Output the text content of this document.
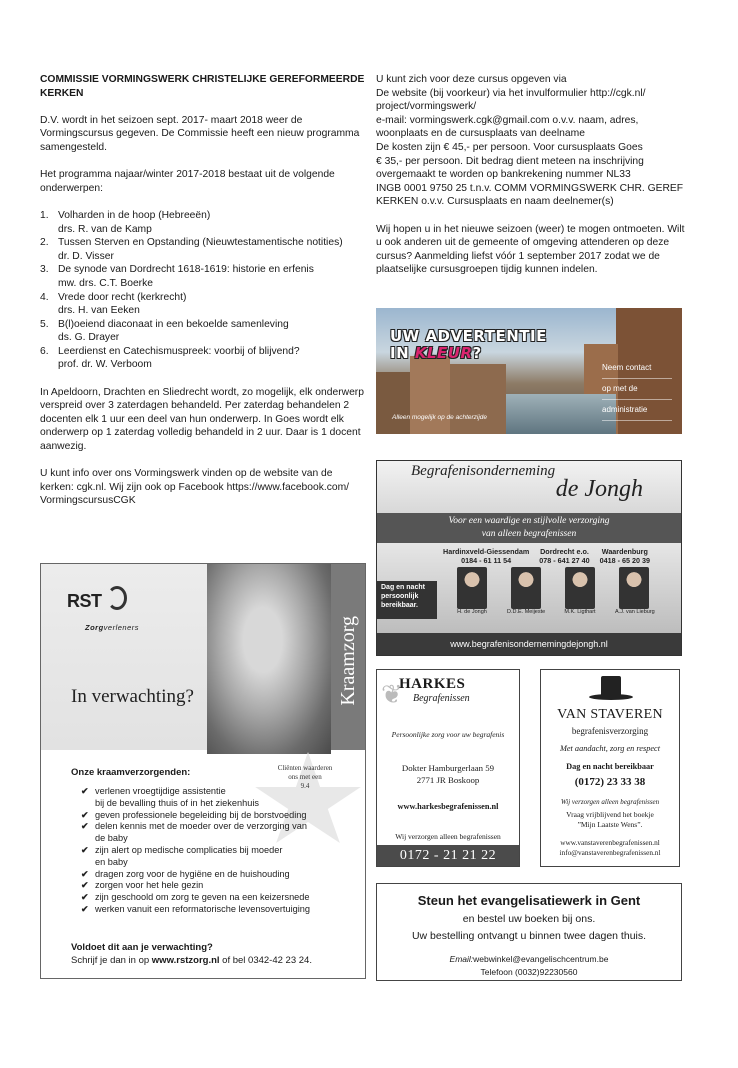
COMMISSIE VORMINGSWERK CHRISTELIJKE GEREFORMEERDE KERKEN
D.V. wordt in het seizoen sept. 2017- maart 2018 weer de Vormingscursus gegeven. De Commissie heeft een nieuw programma samengesteld.
Het programma najaar/winter 2017-2018 bestaat uit de volgende onderwerpen:
1. Volharden in de hoop (Hebreeën)
drs. R. van de Kamp
2. Tussen Sterven en Opstanding (Nieuwtestamentische notities)
dr. D. Visser
3. De synode van Dordrecht 1618-1619: historie en erfenis
mw. drs. C.T. Boerke
4. Vrede door recht (kerkrecht)
drs. H. van Eeken
5. B(l)oeiend diaconaat in een bekoelde samenleving
ds. G. Drayer
6. Leerdienst en Catechismuspreek: voorbij of blijvend?
prof. dr. W. Verboom
In Apeldoorn, Drachten en Sliedrecht wordt, zo mogelijk, elk onderwerp verspreid over 3 zaterdagen behandeld. Per zaterdag behandelen 2 docenten elk 1 uur een deel van hun onderwerp. In Goes wordt elk onderwerp op 1 zaterdag volledig behandeld in 2 uur. Daar is 1 docent aanwezig.
U kunt info over ons Vormingswerk vinden op de website van de kerken: cgk.nl. Wij zijn ook op Facebook https://www.facebook.com/
VormingscursusCGK
U kunt zich voor deze cursus opgeven via
De website (bij voorkeur) via het invulformulier http://cgk.nl/
project/vormingswerk/
e-mail: vormingswerk.cgk@gmail.com o.v.v. naam, adres, woonplaats en de cursusplaats van deelname
De kosten zijn € 45,- per persoon. Voor cursusplaats Goes
€ 35,- per persoon. Dit bedrag dient meteen na inschrijving overgemaakt te worden op bankrekening nummer NL33
INGB 0001 9750 25 t.n.v. COMM VORMINGSWERK CHR. GEREF
KERKEN o.v.v. Cursusplaats en naam deelnemer(s)
Wij hopen u in het nieuwe seizoen (weer) te mogen ontmoeten. Wilt u ook anderen uit de gemeente of omgeving attenderen op deze cursus? Aanmelding liefst vóór 1 september 2017 zodat we de plaatselijke cursusgroepen tijdig kunnen indelen.
UW ADVERTENTIE
IN KLEUR?
Neem contact
op met de
administratie
Alleen mogelijk op de achterzijde
Begrafenisonderneming
de Jongh
Voor een waardige en stijlvolle verzorging
van alleen begrafenissen
Hardinxveld-Giessendam
0184 - 61 11 54
Dordrecht e.o.
078 - 641 27 40
Waardenburg
0418 - 65 20 39
Dag en nacht
persoonlijk
bereikbaar.
H. de Jongh	D.D.E. Meijeste	M.K. Ligthart	A.J. van Lieburg
www.begrafenisondernemingdejongh.nl
RST
Zorgverleners	Kraamzorg
In verwachting?
Cliënten waarderen
ons met een
9.4
Onze kraamverzorgenden:
✔ verlenen vroegtijdige assistentie
bij de bevalling thuis of in het ziekenhuis
✔ geven professionele begeleiding bij de borstvoeding
✔ delen kennis met de moeder over de verzorging van
de baby
✔ zijn alert op medische complicaties bij moeder
en baby
✔ dragen zorg voor de hygiëne en de huishouding
✔ zorgen voor het hele gezin
✔ zijn geschoold om zorg te geven na een keizersnede
✔ werken vanuit een reformatorische levensovertuiging
Voldoet dit aan je verwachting?
Schrijf je dan in op www.rstzorg.nl of bel 0342-42 23 24.
❦
HARKES
Begrafenissen
Persoonlijke zorg voor uw begrafenis
Dokter Hamburgerlaan 59
2771 JR Boskoop
www.harkesbegrafenissen.nl
Wij verzorgen alleen begrafenissen
0172 - 21 21 22
VAN STAVEREN
begrafenisverzorging
Met aandacht, zorg en respect
Dag en nacht bereikbaar
(0172) 23 33 38
Wij verzorgen alleen begrafenissen
Vraag vrijblijvend het boekje
”Mijn Laatste Wens”.
www.vanstaverenbegrafenissen.nl
info@vanstaverenbegrafenissen.nl
Steun het evangelisatiewerk in Gent
en bestel uw boeken bij ons.
Uw bestelling ontvangt u binnen twee dagen thuis.
Email:webwinkel@evangelischcentrum.be
Telefoon (0032)92230560
